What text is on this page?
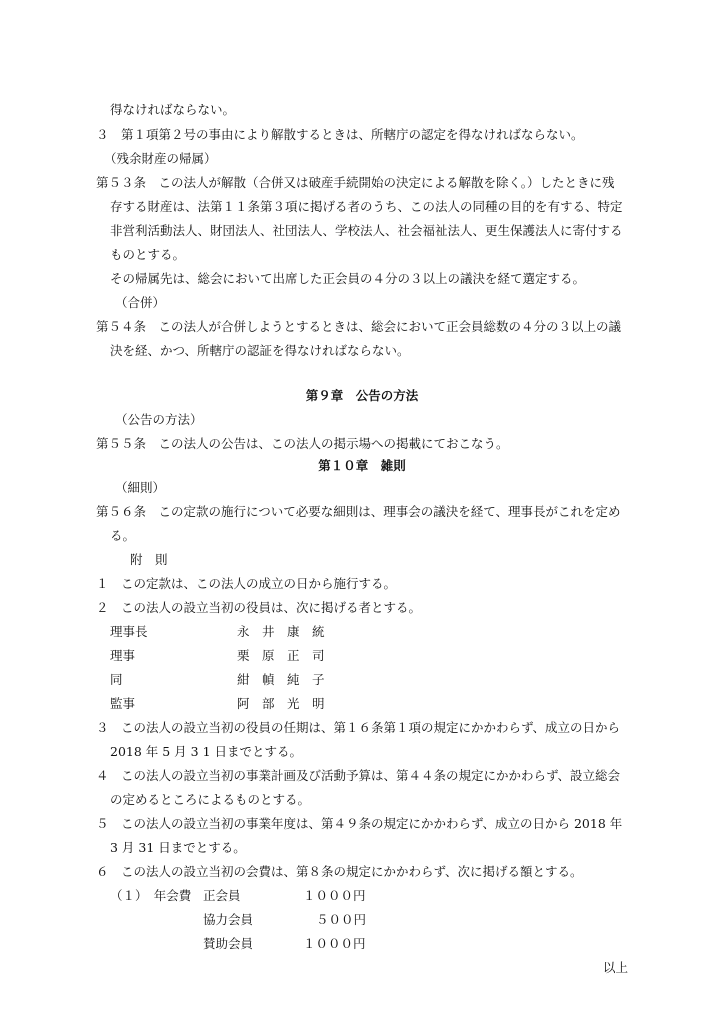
得なければならない。
３　第１項第２号の事由により解散するときは、所轄庁の認定を得なければならない。
（残余財産の帰属）
第５３条　この法人が解散（合併又は破産手続開始の決定による解散を除く。）したときに残
存する財産は、法第１１条第３項に掲げる者のうち、この法人の同種の目的を有する、特定
非営利活動法人、財団法人、社団法人、学校法人、社会福祉法人、更生保護法人に寄付する
ものとする。
その帰属先は、総会において出席した正会員の４分の３以上の議決を経て選定する。
（合併）
第５４条　この法人が合併しようとするときは、総会において正会員総数の４分の３以上の議
決を経、かつ、所轄庁の認証を得なければならない。
第９章　公告の方法
（公告の方法）
第５５条　この法人の公告は、この法人の掲示場への掲載にておこなう。
第１０章　雑則
（細則）
第５６条　この定款の施行について必要な細則は、理事会の議決を経て、理事長がこれを定め
る。
附　則
１　この定款は、この法人の成立の日から施行する。
２　この法人の設立当初の役員は、次に掲げる者とする。
理事長	永　井　康　統
理事	栗　原　正　司
同	紺　幀　純　子
監事	阿　部　光　明
３　この法人の設立当初の役員の任期は、第１６条第１項の規定にかかわらず、成立の日から
2018 年 5 月 3 1 日までとする。
４　この法人の設立当初の事業計画及び活動予算は、第４４条の規定にかかわらず、設立総会
の定めるところによるものとする。
５　この法人の設立当初の事業年度は、第４９条の規定にかかわらず、成立の日から 2018 年
3 月 31 日までとする。
６　この法人の設立当初の会費は、第８条の規定にかかわらず、次に掲げる額とする。
（１）　年会費 正会員	１０００円
協力会員	５００円
賛助会員	１０００円
以上
